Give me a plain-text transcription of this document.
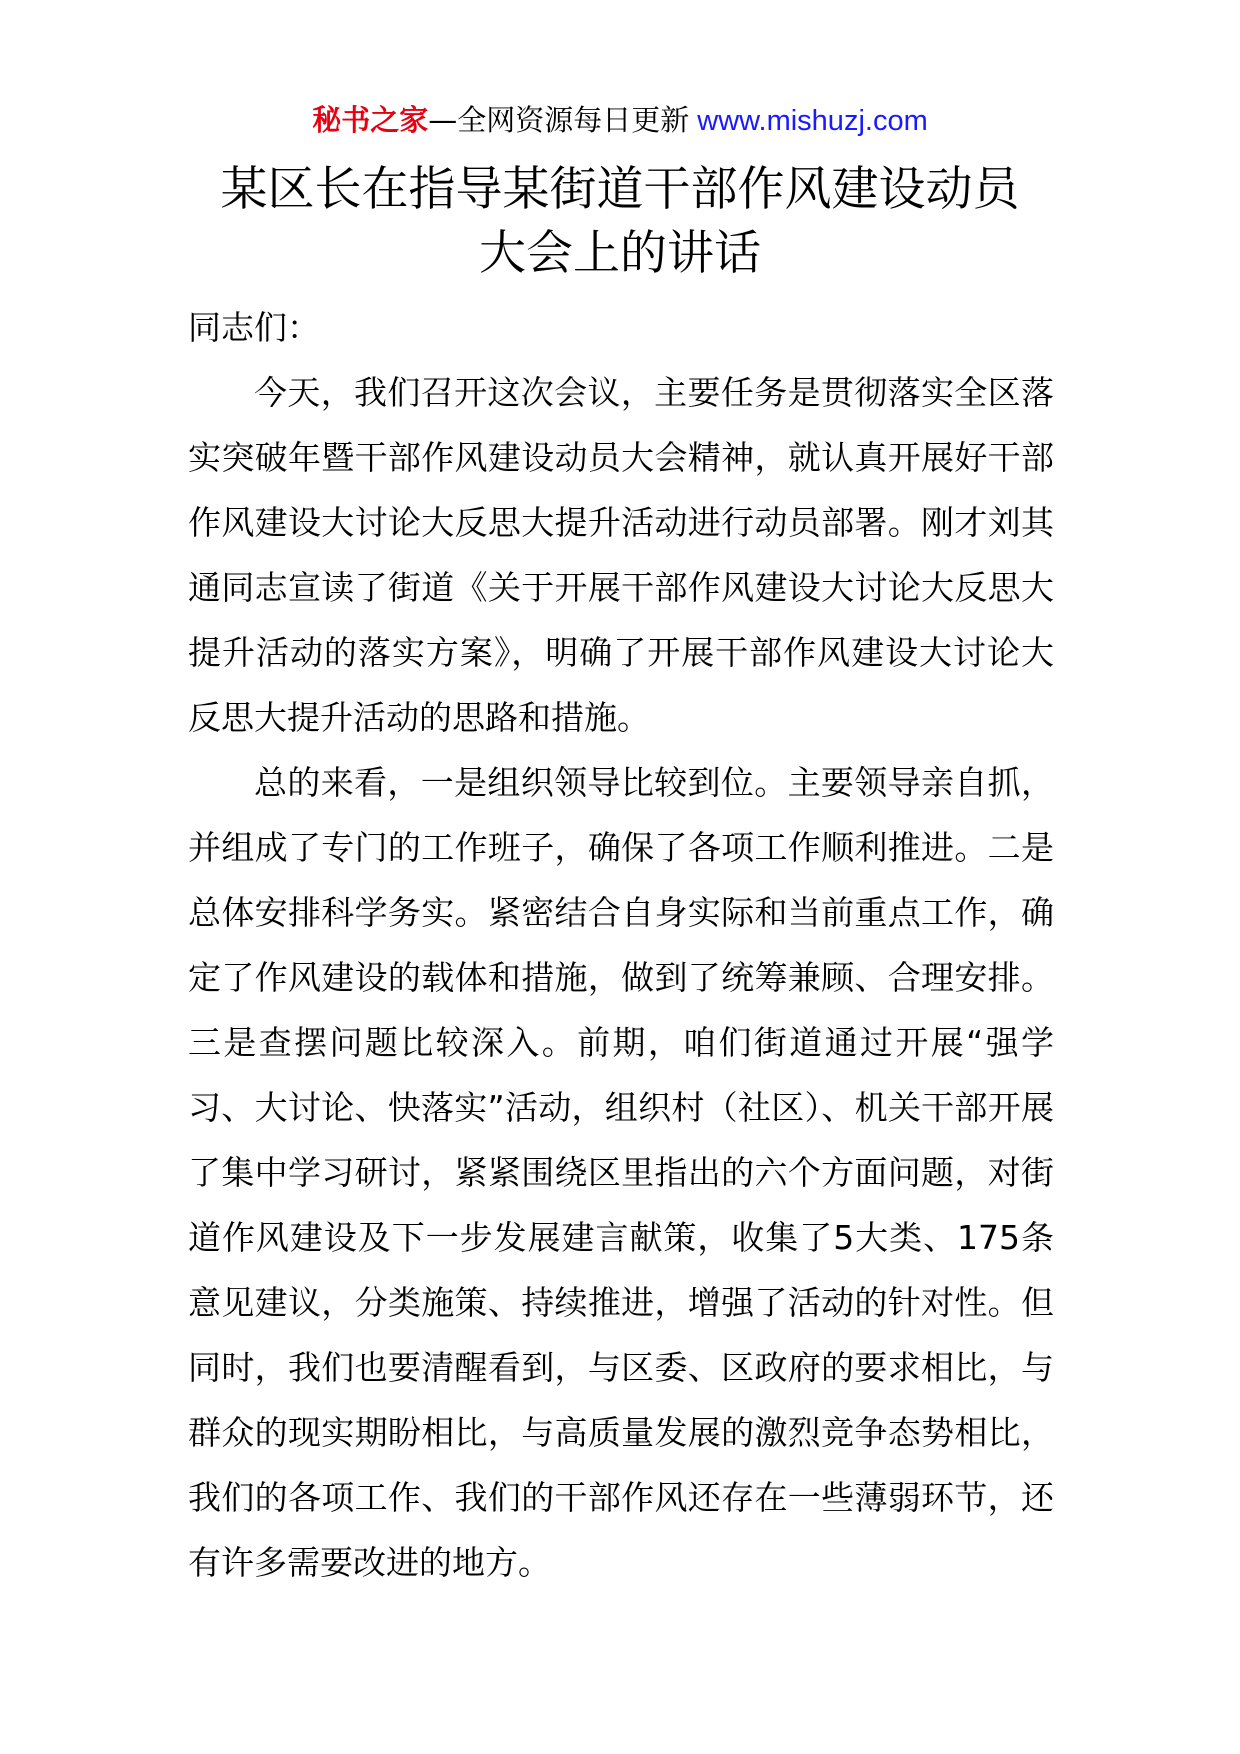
秘书之家—全网资源每日更新 www.mishuzj.com
某区长在指导某街道干部作风建设动员
大会上的讲话

同志们：

今天，我们召开这次会议，主要任务是贯彻落实全区落实突破年暨干部作风建设动员大会精神，就认真开展好干部作风建设大讨论大反思大提升活动进行动员部署。刚才刘其通同志宣读了街道《关于开展干部作风建设大讨论大反思大提升活动的落实方案》，明确了开展干部作风建设大讨论大反思大提升活动的思路和措施。

总的来看，一是组织领导比较到位。主要领导亲自抓，并组成了专门的工作班子，确保了各项工作顺利推进。二是总体安排科学务实。紧密结合自身实际和当前重点工作，确定了作风建设的载体和措施，做到了统筹兼顾、合理安排。三是查摆问题比较深入。前期，咱们街道通过开展“强学习、大讨论、快落实”活动，组织村（社区）、机关干部开展了集中学习研讨，紧紧围绕区里指出的六个方面问题，对街道作风建设及下一步发展建言献策，收集了5大类、175条意见建议，分类施策、持续推进，增强了活动的针对性。但同时，我们也要清醒看到，与区委、区政府的要求相比，与群众的现实期盼相比，与高质量发展的激烈竞争态势相比，我们的各项工作、我们的干部作风还存在一些薄弱环节，还有许多需要改进的地方。
